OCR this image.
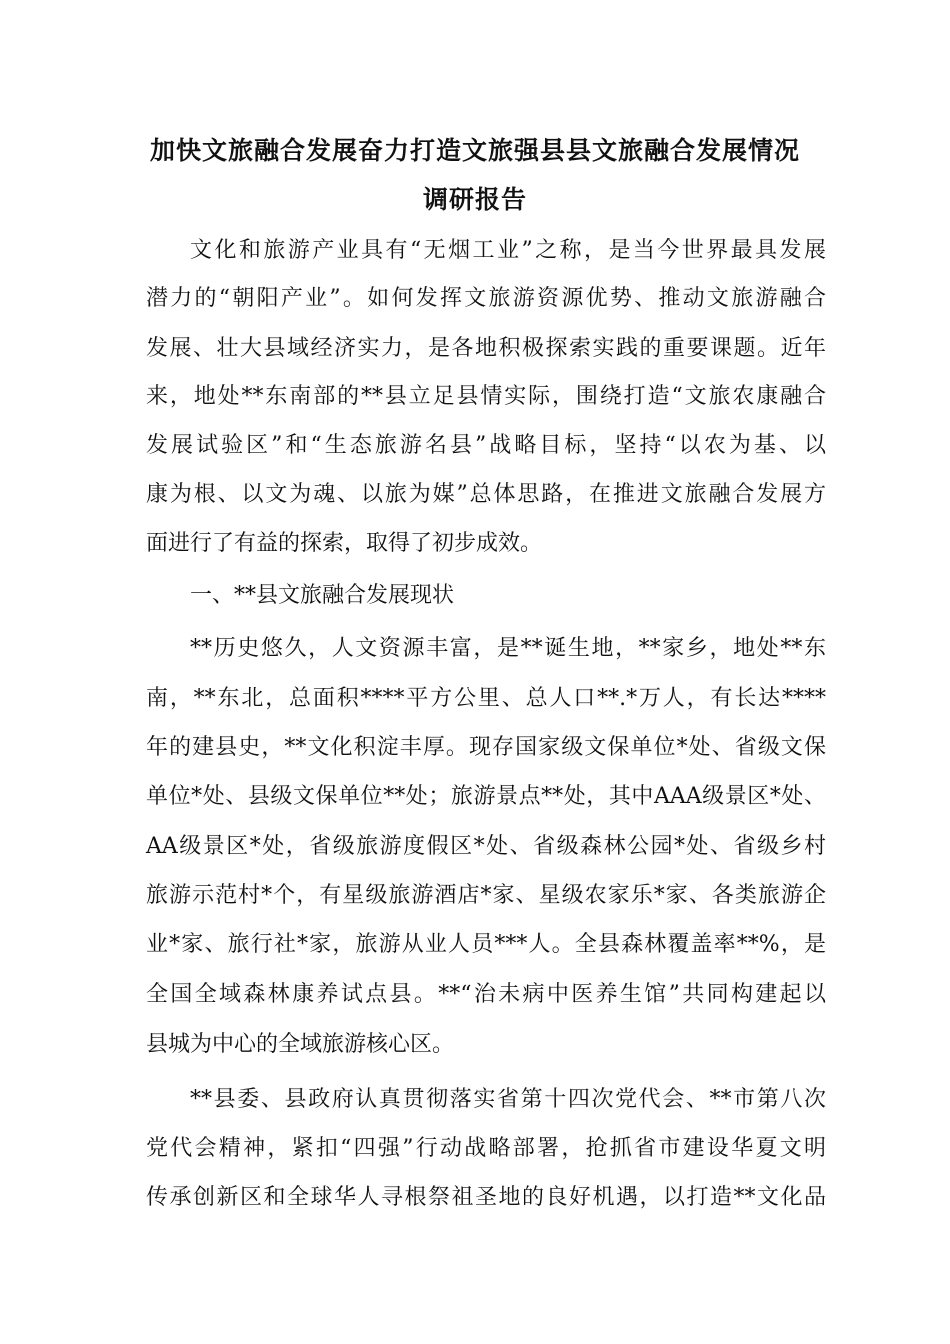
加快文旅融合发展奋力打造文旅强县县文旅融合发展情况
调研报告
文化和旅游产业具有“无烟工业”之称，是当今世界最具发展
潜力的“朝阳产业”。如何发挥文旅游资源优势、推动文旅游融合
发展、壮大县域经济实力，是各地积极探索实践的重要课题。近年
来，地处**东南部的**县立足县情实际，围绕打造“文旅农康融合
发展试验区”和“生态旅游名县”战略目标，坚持“以农为基、以
康为根、以文为魂、以旅为媒”总体思路，在推进文旅融合发展方
面进行了有益的探索，取得了初步成效。
一、**县文旅融合发展现状
**历史悠久，人文资源丰富，是**诞生地，**家乡，地处**东
南，**东北，总面积****平方公里、总人口**.*万人，有长达****
年的建县史，**文化积淀丰厚。现存国家级文保单位*处、省级文保
单位*处、县级文保单位**处；旅游景点**处，其中AAA级景区*处、
AA级景区*处，省级旅游度假区*处、省级森林公园*处、省级乡村
旅游示范村*个，有星级旅游酒店*家、星级农家乐*家、各类旅游企
业*家、旅行社*家，旅游从业人员***人。全县森林覆盖率**%，是
全国全域森林康养试点县。**“治未病中医养生馆”共同构建起以
县城为中心的全域旅游核心区。
**县委、县政府认真贯彻落实省第十四次党代会、**市第八次
党代会精神，紧扣“四强”行动战略部署，抢抓省市建设华夏文明
传承创新区和全球华人寻根祭祖圣地的良好机遇，以打造**文化品
